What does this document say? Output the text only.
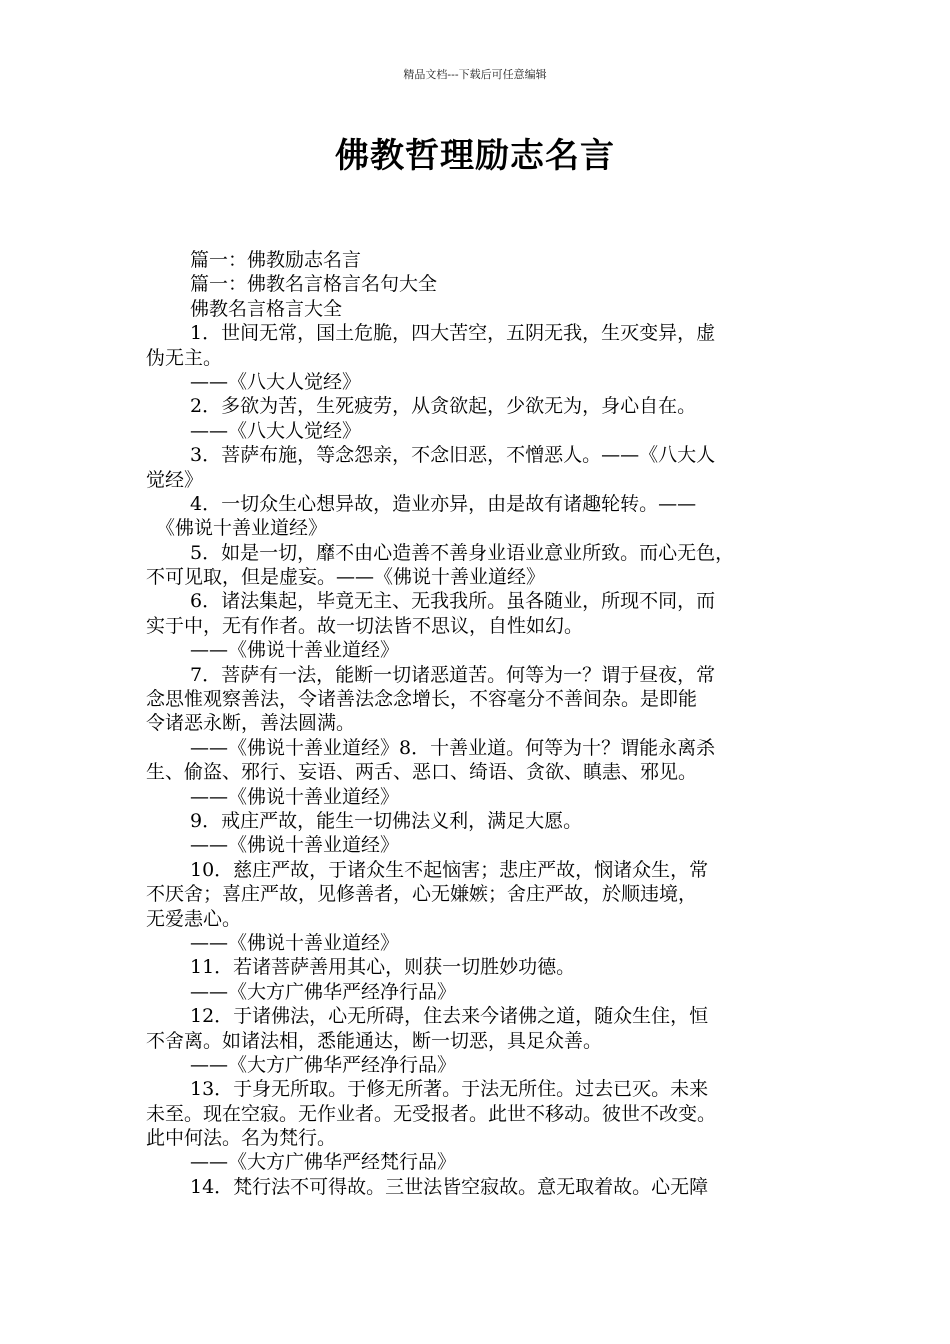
精品文档---下载后可任意编辑
佛教哲理励志名言
篇一：佛教励志名言
篇一：佛教名言格言名句大全
佛教名言格言大全
1．世间无常，国土危脆，四大苦空，五阴无我，生灭变异，虚
伪无主。
——《八大人觉经》
2．多欲为苦，生死疲劳，从贪欲起，少欲无为，身心自在。
——《八大人觉经》
3．菩萨布施，等念怨亲，不念旧恶，不憎恶人。——《八大人
觉经》
4．一切众生心想异故，造业亦异，由是故有诸趣轮转。——
《佛说十善业道经》
5．如是一切，靡不由心造善不善身业语业意业所致。而心无色，
不可见取，但是虚妄。——《佛说十善业道经》
6．诸法集起，毕竟无主、无我我所。虽各随业，所现不同，而
实于中，无有作者。故一切法皆不思议，自性如幻。
——《佛说十善业道经》
7．菩萨有一法，能断一切诸恶道苦。何等为一？谓于昼夜，常
念思惟观察善法，令诸善法念念增长，不容毫分不善间杂。是即能
令诸恶永断，善法圆满。
——《佛说十善业道经》8．十善业道。何等为十？谓能永离杀
生、偷盗、邪行、妄语、两舌、恶口、绮语、贪欲、瞋恚、邪见。
——《佛说十善业道经》
9．戒庄严故，能生一切佛法义利，满足大愿。
——《佛说十善业道经》
10．慈庄严故，于诸众生不起恼害；悲庄严故，悯诸众生，常
不厌舍；喜庄严故，见修善者，心无嫌嫉；舍庄严故，於顺违境，
无爱恚心。
——《佛说十善业道经》
11．若诸菩萨善用其心，则获一切胜妙功德。
——《大方广佛华严经净行品》
12．于诸佛法，心无所碍，住去来今诸佛之道，随众生住，恒
不舍离。如诸法相，悉能通达，断一切恶，具足众善。
——《大方广佛华严经净行品》
13．于身无所取。于修无所著。于法无所住。过去已灭。未来
未至。现在空寂。无作业者。无受报者。此世不移动。彼世不改变。
此中何法。名为梵行。
——《大方广佛华严经梵行品》
14．梵行法不可得故。三世法皆空寂故。意无取着故。心无障
